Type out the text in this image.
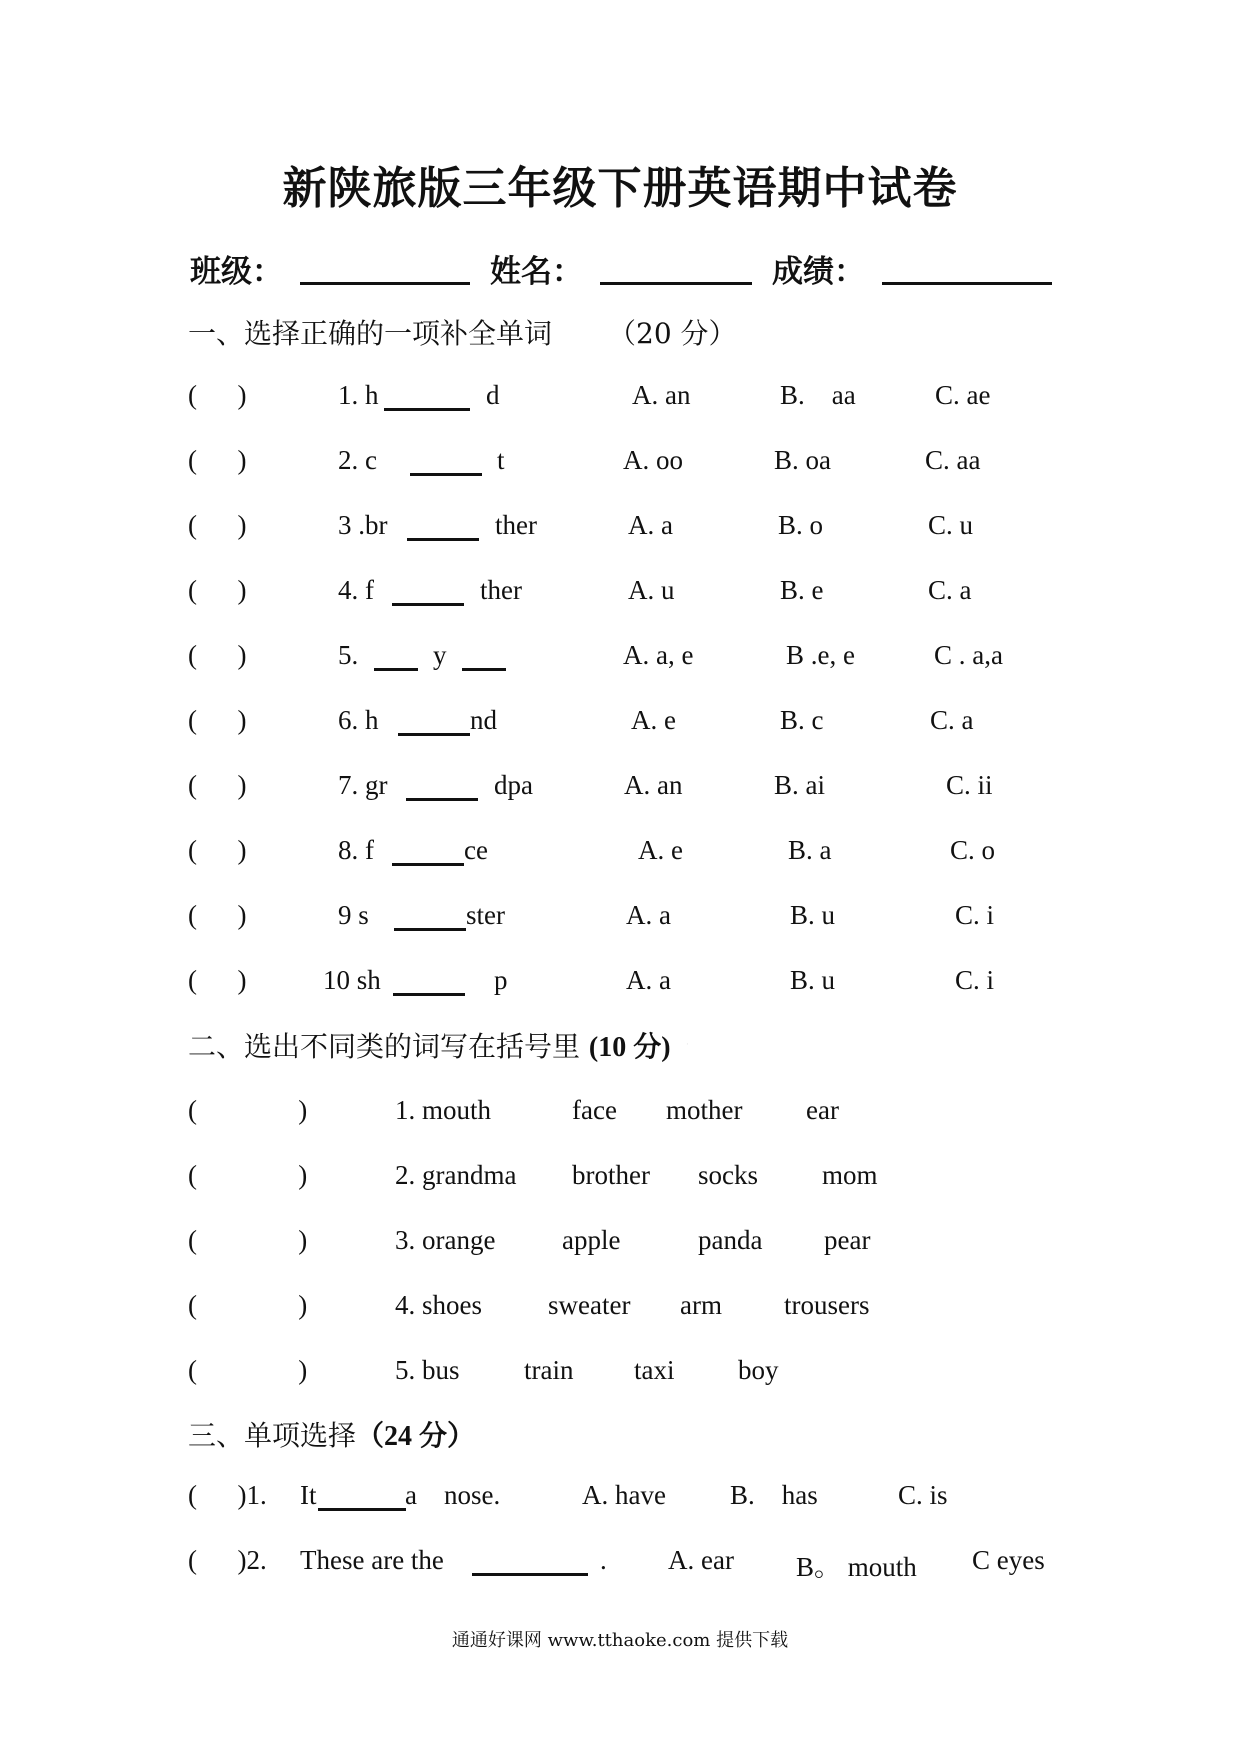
新陕旅版三年级下册英语期中试卷
班级：	姓名：	成绩：
一、选择正确的一项补全单词 （20 分）
(      )	1. h	d	A. an	B.    aa	C. ae
(      )	2. c	t	A. oo	B. oa	C. aa
(      )	3 .br	ther	A. a	B. o	C. u
(      )	4. f	ther	A. u	B. e	C. a
(      )	5.	y	A. a, e	B .e, e	C . a,a
(      )	6. h	nd	A. e	B. c	C. a
(      )	7. gr	dpa	A. an	B. ai	C. ii
(      )	8. f	ce	A. e	B. a	C. o
(      )	9 s	ster	A. a	B. u	C. i
(      )	10 sh	p	A. a	B. u	C. i
二、选出不同类的词写在括号里 (10 分) ·
(               )	1. mouth	face mother ear
(               )	2. grandma brother socks mom
(               )	3. orange apple	panda pear
(               )	4. shoes sweater arm trousers
(               )	5. bus train taxi boy
三、单项选择（24 分）
(      )1. It	a    nose.	A. have B.    has	C. is
(      )2. These are the	. A. ear B。 mouth C eyes
通通好课网 www.tthaoke.com 提供下载
